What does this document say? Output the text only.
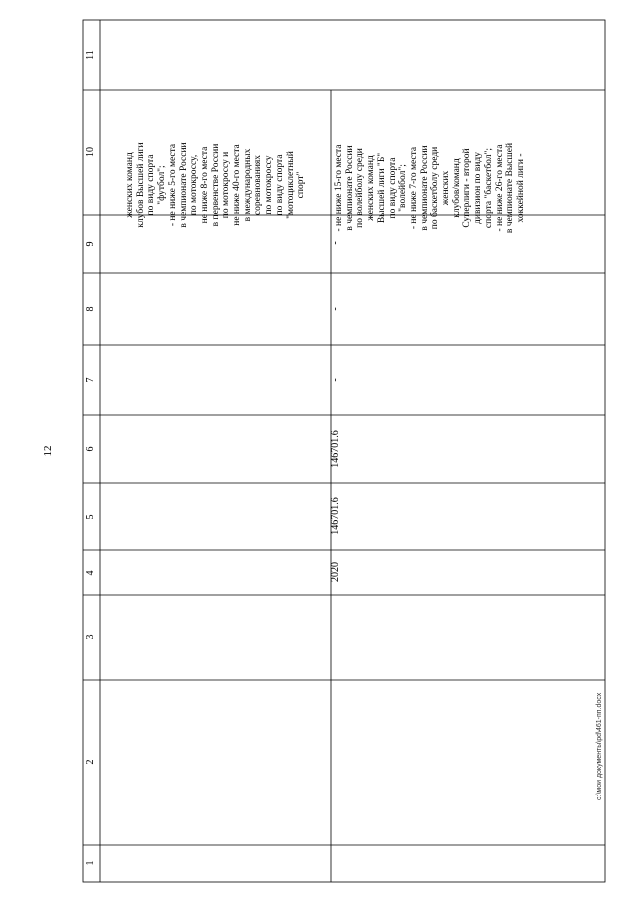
12
11
10
9
8
7
6
5
4
3
2
1
женских команд клубов Высшей лиги по виду спорта "футбол"; - не ниже 5-го места в чемпионате России по мотокроссу, не ниже 8-го места в первенстве России по мотокроссу и не ниже 40-го места в международных соревнованиях по мотокроссу по виду спорта "мотоциклетный спорт"
2020
146701.6
146701.6
-
-
-
- не ниже 15-го места в чемпионате России по волейболу среди женских команд Высшей лиги "Б" по виду спорта "волейбол"; - не ниже 7-го места в чемпионате России по баскетболу среди женских клубов/команд Суперлиги - второй дивизион по виду спорта "баскетбол"; - не ниже 26-го места в чемпионате Высшей хоккейной лиги -
c:\мои документы\pd\461-пп.docx
